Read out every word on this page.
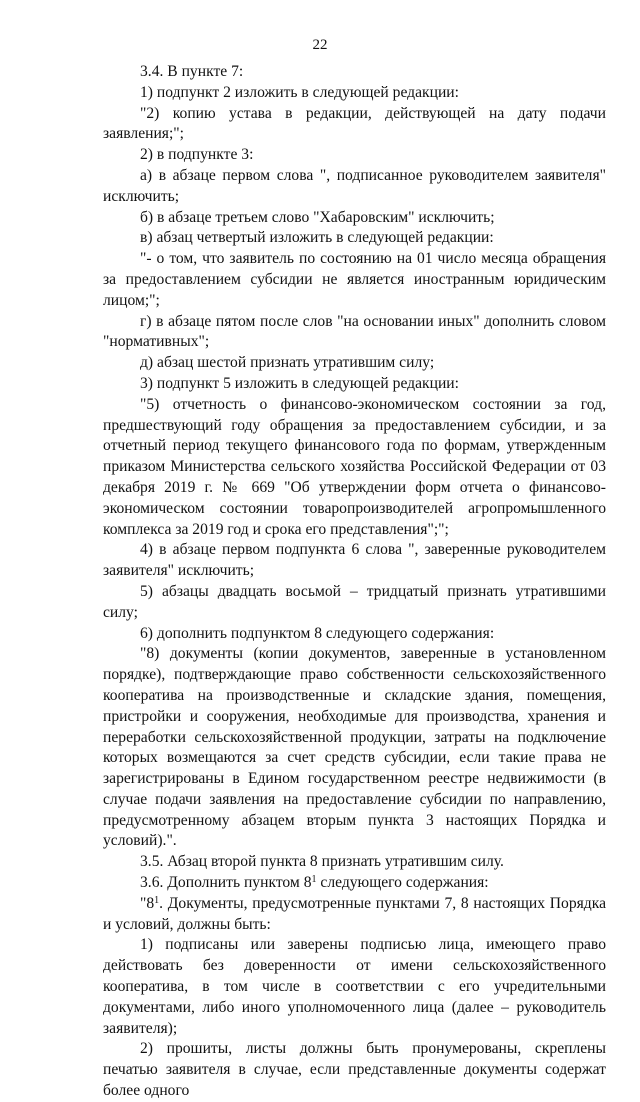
22

3.4. В пункте 7:

1) подпункт 2 изложить в следующей редакции:

"2) копию устава в редакции, действующей на дату подачи заявления;";

2) в подпункте 3:

а) в абзаце первом слова ", подписанное руководителем заявителя" исключить;

б) в абзаце третьем слово "Хабаровским" исключить;

в) абзац четвертый изложить в следующей редакции:

"- о том, что заявитель по состоянию на 01 число месяца обращения за предоставлением субсидии не является иностранным юридическим лицом;";

г) в абзаце пятом после слов "на основании иных" дополнить словом "нормативных";

д) абзац шестой признать утратившим силу;

3) подпункт 5 изложить в следующей редакции:

"5) отчетность о финансово-экономическом состоянии за год, предшествующий году обращения за предоставлением субсидии, и за отчетный период текущего финансового года по формам, утвержденным приказом Министерства сельского хозяйства Российской Федерации от 03 декабря 2019 г. № 669 "Об утверждении форм отчета о финансово-экономическом состоянии товаропроизводителей агропромышленного комплекса за 2019 год и срока его представления";";

4) в абзаце первом подпункта 6 слова ", заверенные руководителем заявителя" исключить;

5) абзацы двадцать восьмой – тридцатый признать утратившими силу;

6) дополнить подпунктом 8 следующего содержания:

"8) документы (копии документов, заверенные в установленном порядке), подтверждающие право собственности сельскохозяйственного кооператива на производственные и складские здания, помещения, пристройки и сооружения, необходимые для производства, хранения и переработки сельскохозяйственной продукции, затраты на подключение которых возмещаются за счет средств субсидии, если такие права не зарегистрированы в Едином государственном реестре недвижимости (в случае подачи заявления на предоставление субсидии по направлению, предусмотренному абзацем вторым пункта 3 настоящих Порядка и условий).".

3.5. Абзац второй пункта 8 признать утратившим силу.

3.6. Дополнить пунктом $8^1$ следующего содержания:

"$8^1$. Документы, предусмотренные пунктами 7, 8 настоящих Порядка и условий, должны быть:

1) подписаны или заверены подписью лица, имеющего право действовать без доверенности от имени сельскохозяйственного кооператива, в том числе в соответствии с его учредительными документами, либо иного уполномоченного лица (далее – руководитель заявителя);

2) прошиты, листы должны быть пронумерованы, скреплены печатью заявителя в случае, если представленные документы содержат более одного
